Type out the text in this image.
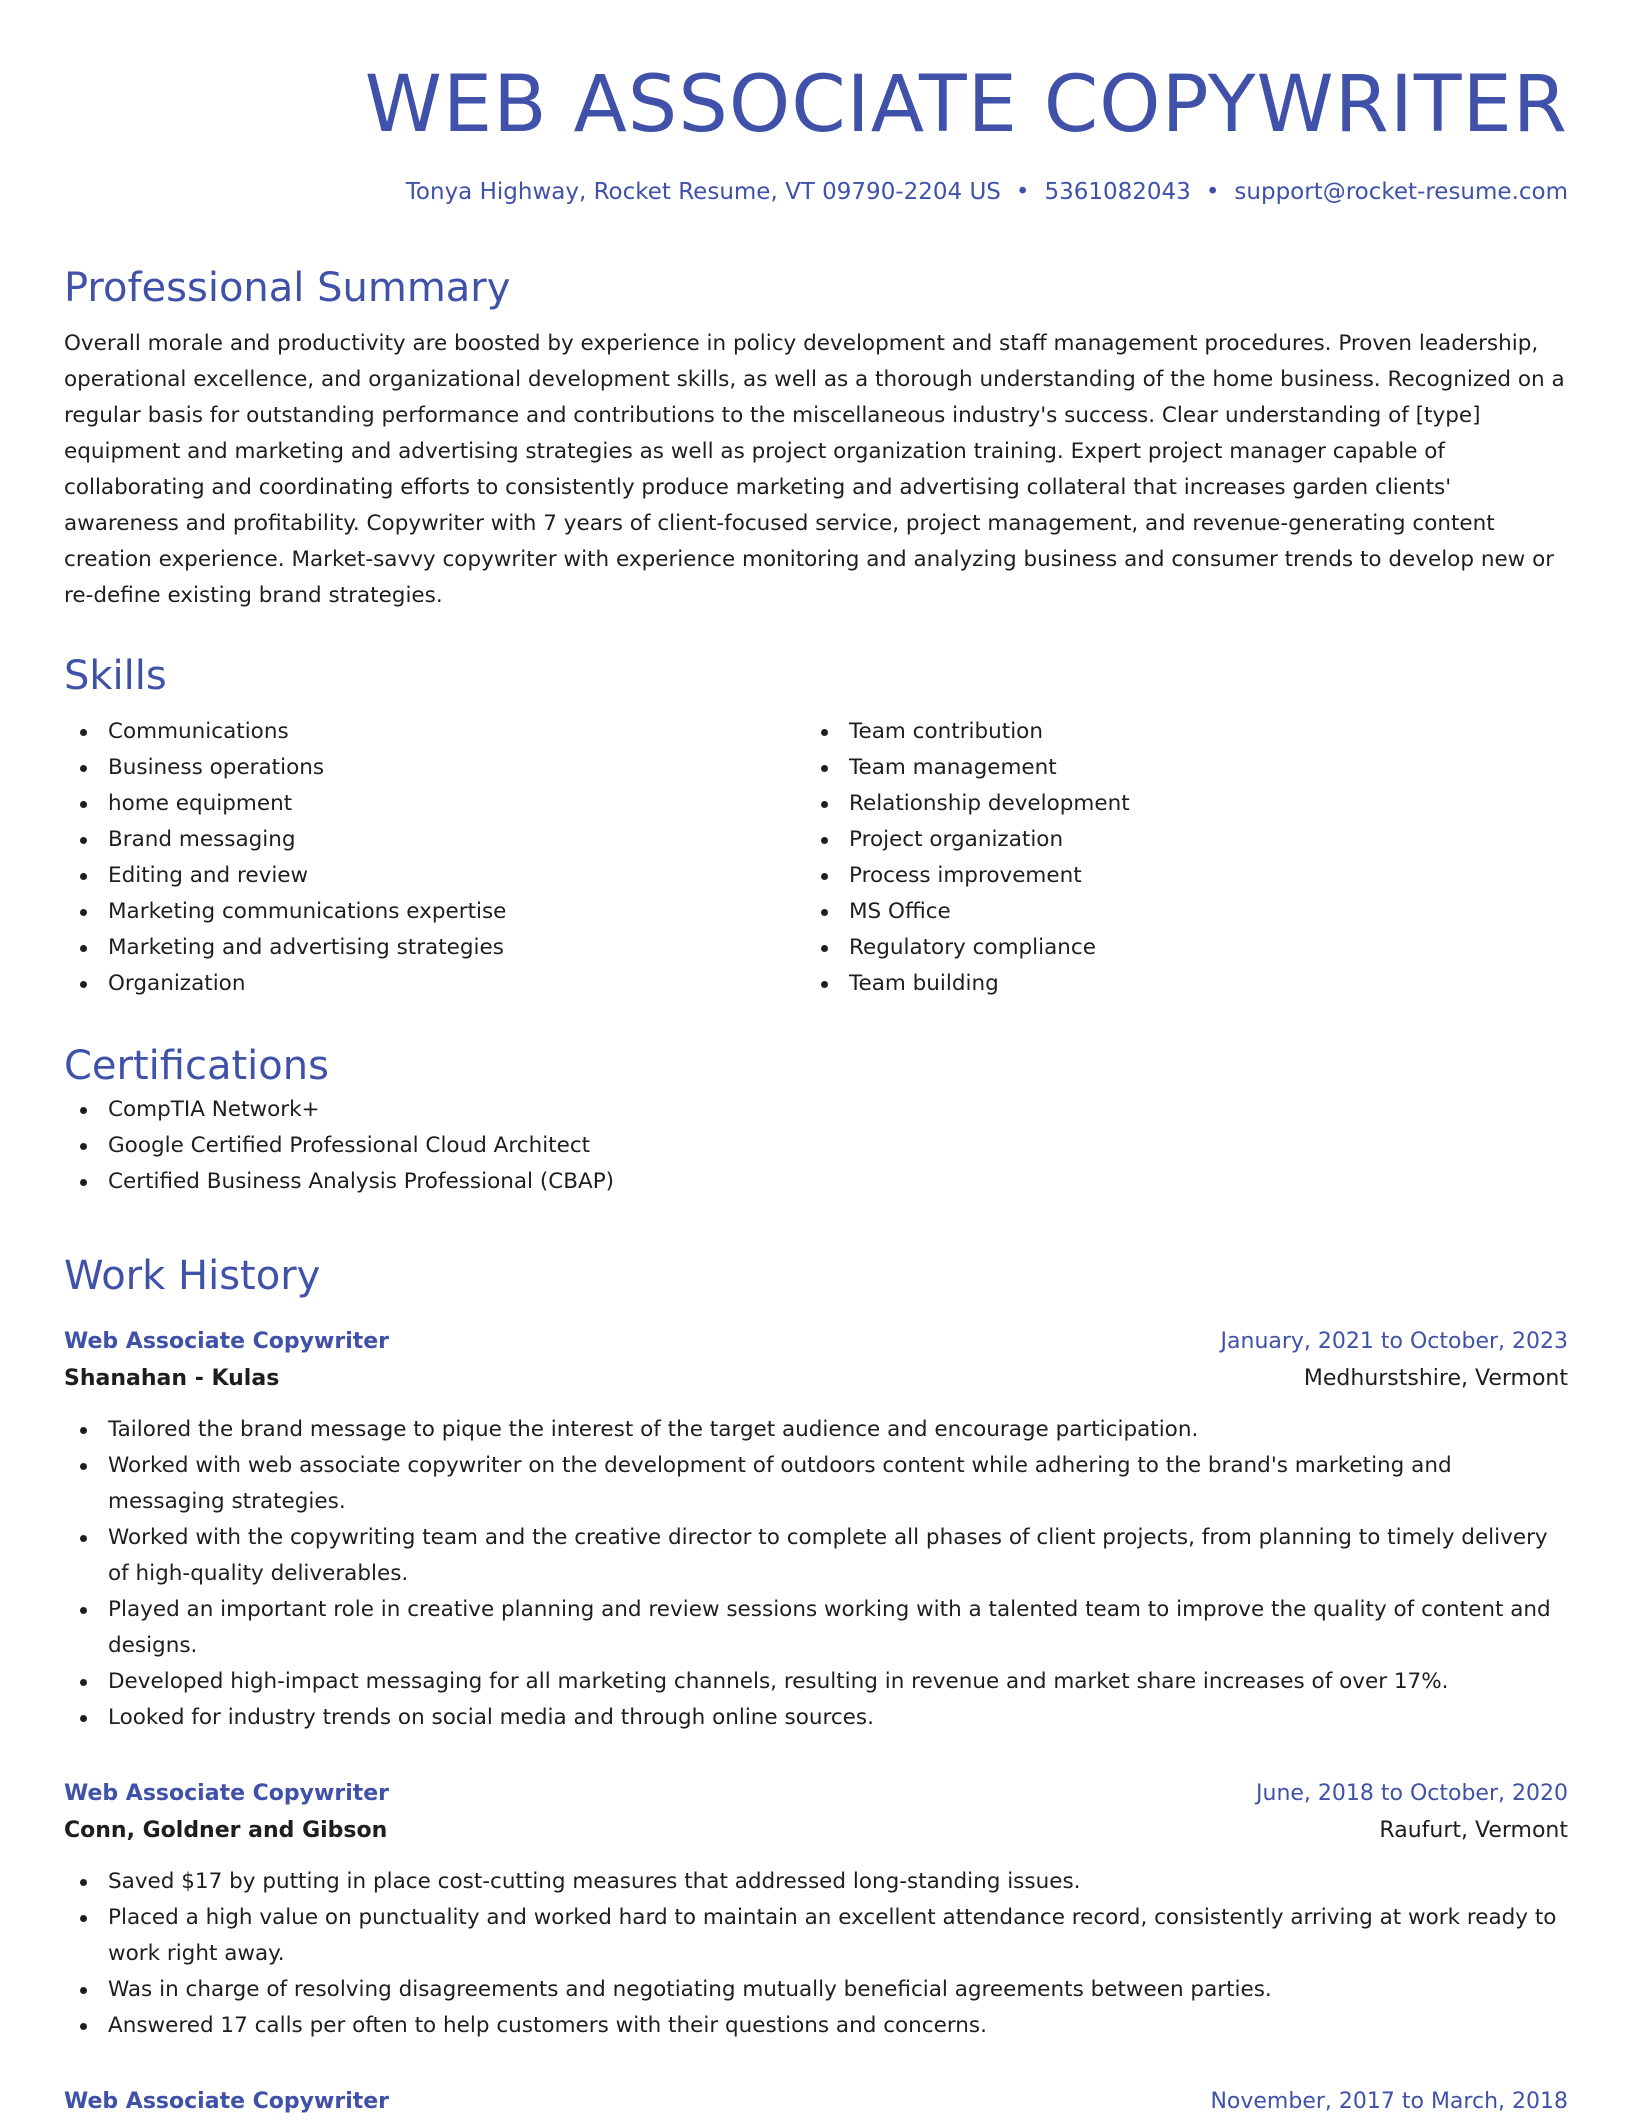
WEB ASSOCIATE COPYWRITER
Tonya Highway, Rocket Resume, VT 09790-2204 US • 5361082043 • support@rocket-resume.com
Professional Summary

Overall morale and productivity are boosted by experience in policy development and staff management procedures. Proven leadership, operational excellence, and organizational development skills, as well as a thorough understanding of the home business. Recognized on a regular basis for outstanding performance and contributions to the miscellaneous industry's success. Clear understanding of [type] equipment and marketing and advertising strategies as well as project organization training. Expert project manager capable of collaborating and coordinating efforts to consistently produce marketing and advertising collateral that increases garden clients' awareness and profitability. Copywriter with 7 years of client-focused service, project management, and revenue-generating content creation experience. Market-savvy copywriter with experience monitoring and analyzing business and consumer trends to develop new or re-define existing brand strategies.

Skills
Communications
Business operations
home equipment
Brand messaging
Editing and review
Marketing communications expertise
Marketing and advertising strategies
Organization
Team contribution
Team management
Relationship development
Project organization
Process improvement
MS Office
Regulatory compliance
Team building
Certifications
CompTIA Network+
Google Certified Professional Cloud Architect
Certified Business Analysis Professional (CBAP)
Work History
Web Associate Copywriter	January, 2021 to October, 2023
Shanahan - Kulas	Medhurstshire, Vermont
Tailored the brand message to pique the interest of the target audience and encourage participation.
Worked with web associate copywriter on the development of outdoors content while adhering to the brand's marketing and messaging strategies.
Worked with the copywriting team and the creative director to complete all phases of client projects, from planning to timely delivery of high-quality deliverables.
Played an important role in creative planning and review sessions working with a talented team to improve the quality of content and designs.
Developed high-impact messaging for all marketing channels, resulting in revenue and market share increases of over 17%.
Looked for industry trends on social media and through online sources.
Web Associate Copywriter	June, 2018 to October, 2020
Conn, Goldner and Gibson	Raufurt, Vermont
Saved $17 by putting in place cost-cutting measures that addressed long-standing issues.
Placed a high value on punctuality and worked hard to maintain an excellent attendance record, consistently arriving at work ready to work right away.
Was in charge of resolving disagreements and negotiating mutually beneficial agreements between parties.
Answered 17 calls per often to help customers with their questions and concerns.
Web Associate Copywriter	November, 2017 to March, 2018
